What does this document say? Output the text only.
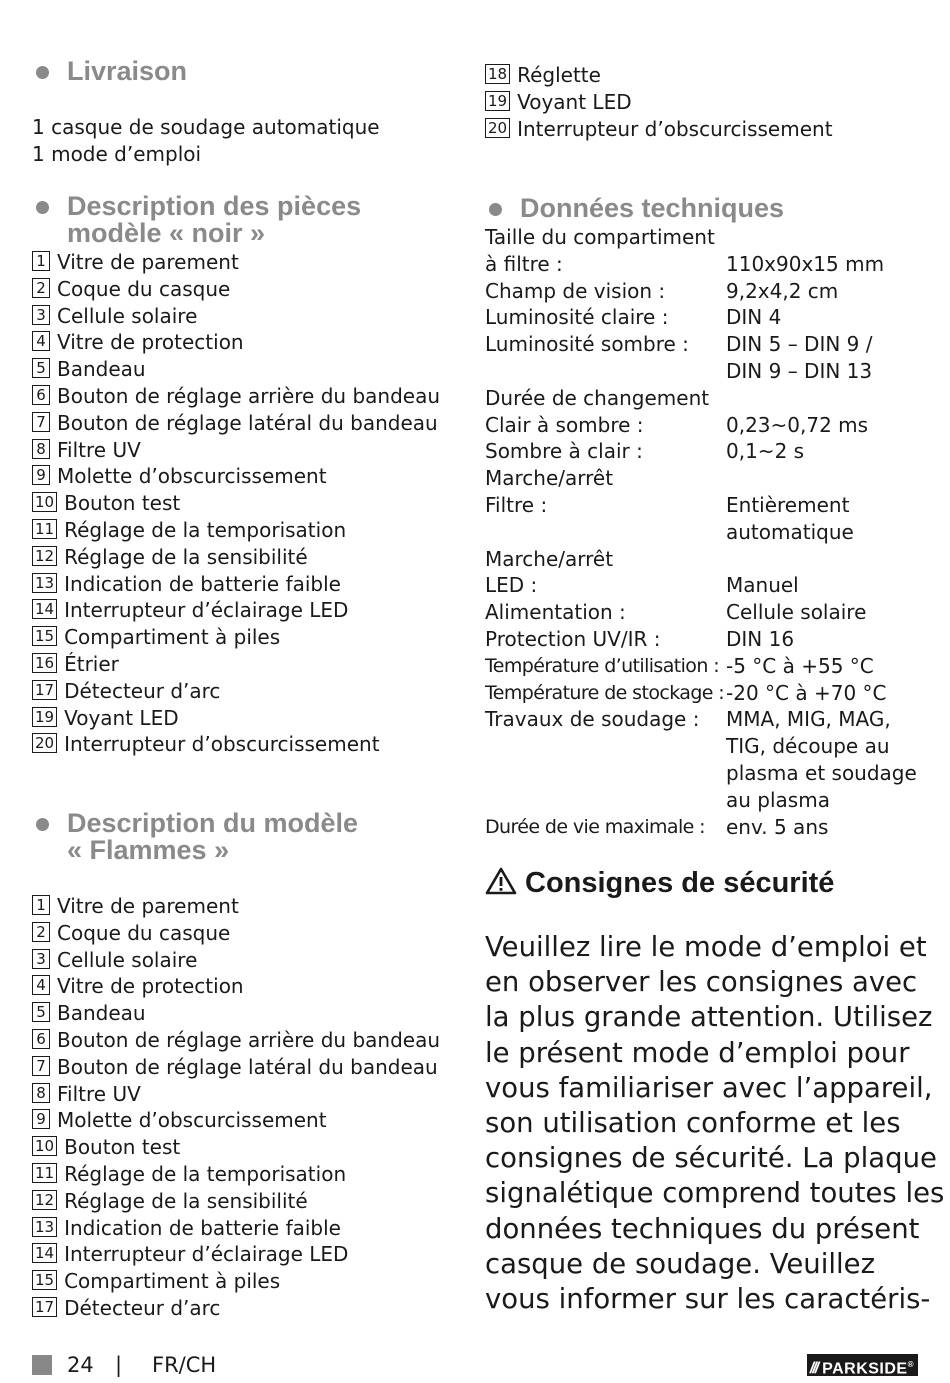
Livraison
1 casque de soudage automatique
1 mode d’emploi
Description des pièces
modèle « noir »
1 Vitre de parement
2 Coque du casque
3 Cellule solaire
4 Vitre de protection
5 Bandeau
6 Bouton de réglage arrière du bandeau
7 Bouton de réglage latéral du bandeau
8 Filtre UV
9 Molette d’obscurcissement
10 Bouton test
11 Réglage de la temporisation
12 Réglage de la sensibilité
13 Indication de batterie faible
14 Interrupteur d’éclairage LED
15 Compartiment à piles
16 Étrier
17 Détecteur d’arc
19 Voyant LED
20 Interrupteur d’obscurcissement
Description du modèle
« Flammes »
1 Vitre de parement
2 Coque du casque
3 Cellule solaire
4 Vitre de protection
5 Bandeau
6 Bouton de réglage arrière du bandeau
7 Bouton de réglage latéral du bandeau
8 Filtre UV
9 Molette d’obscurcissement
10 Bouton test
11 Réglage de la temporisation
12 Réglage de la sensibilité
13 Indication de batterie faible
14 Interrupteur d’éclairage LED
15 Compartiment à piles
17 Détecteur d’arc
18 Réglette
19 Voyant LED
20 Interrupteur d’obscurcissement
Données techniques
Taille du compartiment
à filtre :	110x90x15 mm
Champ de vision :	9,2x4,2 cm
Luminosité claire :	DIN 4
Luminosité sombre :	DIN 5 – DIN 9 /
DIN 9 – DIN 13
Durée de changement
Clair à sombre :	0,23~0,72 ms
Sombre à clair :	0,1~2 s
Marche/arrêt
Filtre :	Entièrement
automatique
Marche/arrêt
LED :	Manuel
Alimentation :	Cellule solaire
Protection UV/IR :	DIN 16
Température d’utilisation : -5 °C à +55 °C
Température de stockage : -20 °C à +70 °C
Travaux de soudage :	MMA, MIG, MAG,
TIG, découpe au
plasma et soudage
au plasma
Durée de vie maximale :	env. 5 ans
Consignes de sécurité

Veuillez lire le mode d’emploi et

en observer les consignes avec

la plus grande attention. Utilisez

le présent mode d’emploi pour

vous familiariser avec l’appareil,

son utilisation conforme et les

consignes de sécurité. La plaque

signalétique comprend toutes les

données techniques du présent

casque de soudage. Veuillez

vous informer sur les caractéris-

24 | FR/CH	/// PARKSIDE®
